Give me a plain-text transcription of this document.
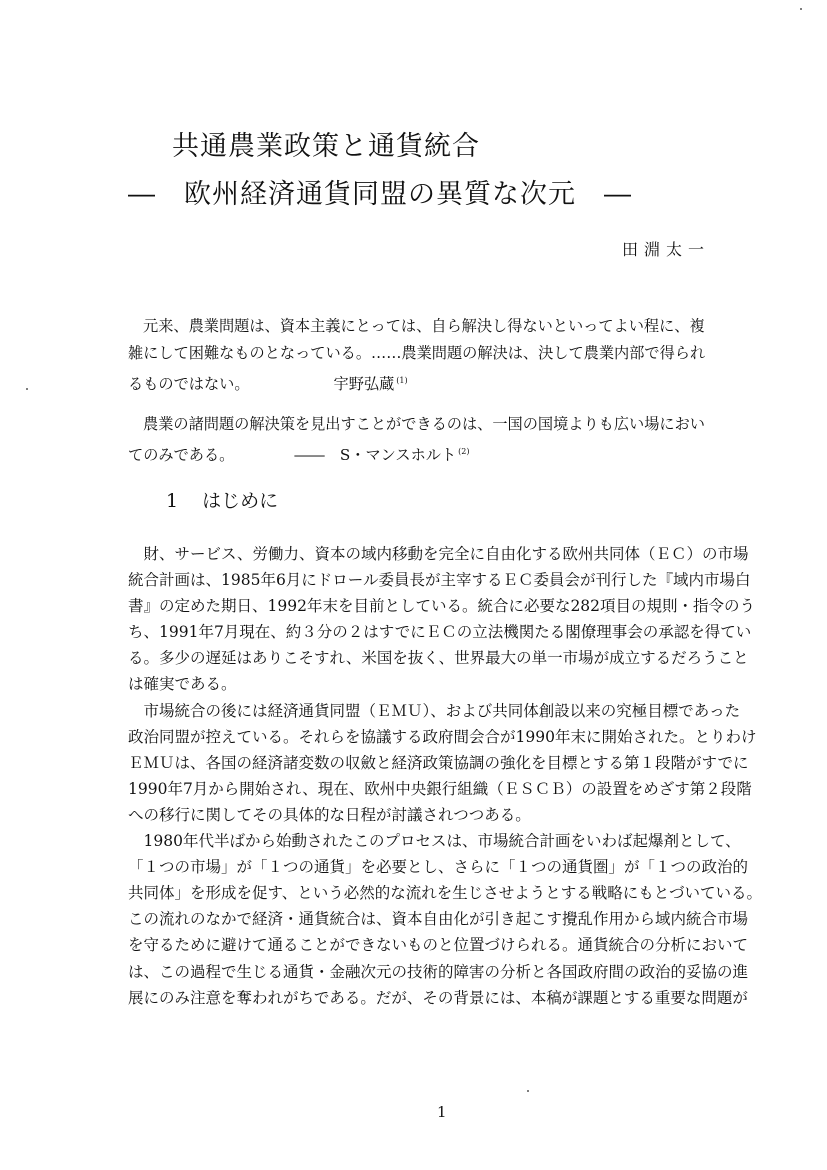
共通農業政策と通貨統合
―　欧州経済通貨同盟の異質な次元　―
田淵太一
元来、農業問題は、資本主義にとっては、自ら解決し得ないといってよい程に、複
雑にして困難なものとなっている。……農業問題の解決は、決して農業内部で得られ
るものではない。	宇野弘蔵 $^{(1)}$
農業の諸問題の解決策を見出すことができるのは、一国の国境よりも広い場におい
てのみである。	――　S・マンスホルト $^{(2)}$
1 はじめに
　財、サービス、労働力、資本の域内移動を完全に自由化する欧州共同体（ＥＣ）の市場
統合計画は、1985年6月にドロール委員長が主宰するＥＣ委員会が刊行した『域内市場白
書』の定めた期日、1992年末を目前としている。統合に必要な282項目の規則・指令のう
ち、1991年7月現在、約３分の２はすでにＥＣの立法機関たる閣僚理事会の承認を得てい
る。多少の遅延はありこそすれ、米国を抜く、世界最大の単一市場が成立するだろうこと
は確実である。
　市場統合の後には経済通貨同盟（ＥＭＵ）、および共同体創設以来の究極目標であった
政治同盟が控えている。それらを協議する政府間会合が1990年末に開始された。とりわけ
ＥＭＵは、各国の経済諸変数の収斂と経済政策協調の強化を目標とする第１段階がすでに
1990年7月から開始され、現在、欧州中央銀行組織（ＥＳＣＢ）の設置をめざす第２段階
への移行に関してその具体的な日程が討議されつつある。
　1980年代半ばから始動されたこのプロセスは、市場統合計画をいわば起爆剤として、
「１つの市場」が「１つの通貨」を必要とし、さらに「１つの通貨圏」が「１つの政治的
共同体」を形成を促す、という必然的な流れを生じさせようとする戦略にもとづいている。
この流れのなかで経済・通貨統合は、資本自由化が引き起こす攪乱作用から域内統合市場
を守るために避けて通ることができないものと位置づけられる。通貨統合の分析において
は、この過程で生じる通貨・金融次元の技術的障害の分析と各国政府間の政治的妥協の進
展にのみ注意を奪われがちである。だが、その背景には、本稿が課題とする重要な問題が
1
